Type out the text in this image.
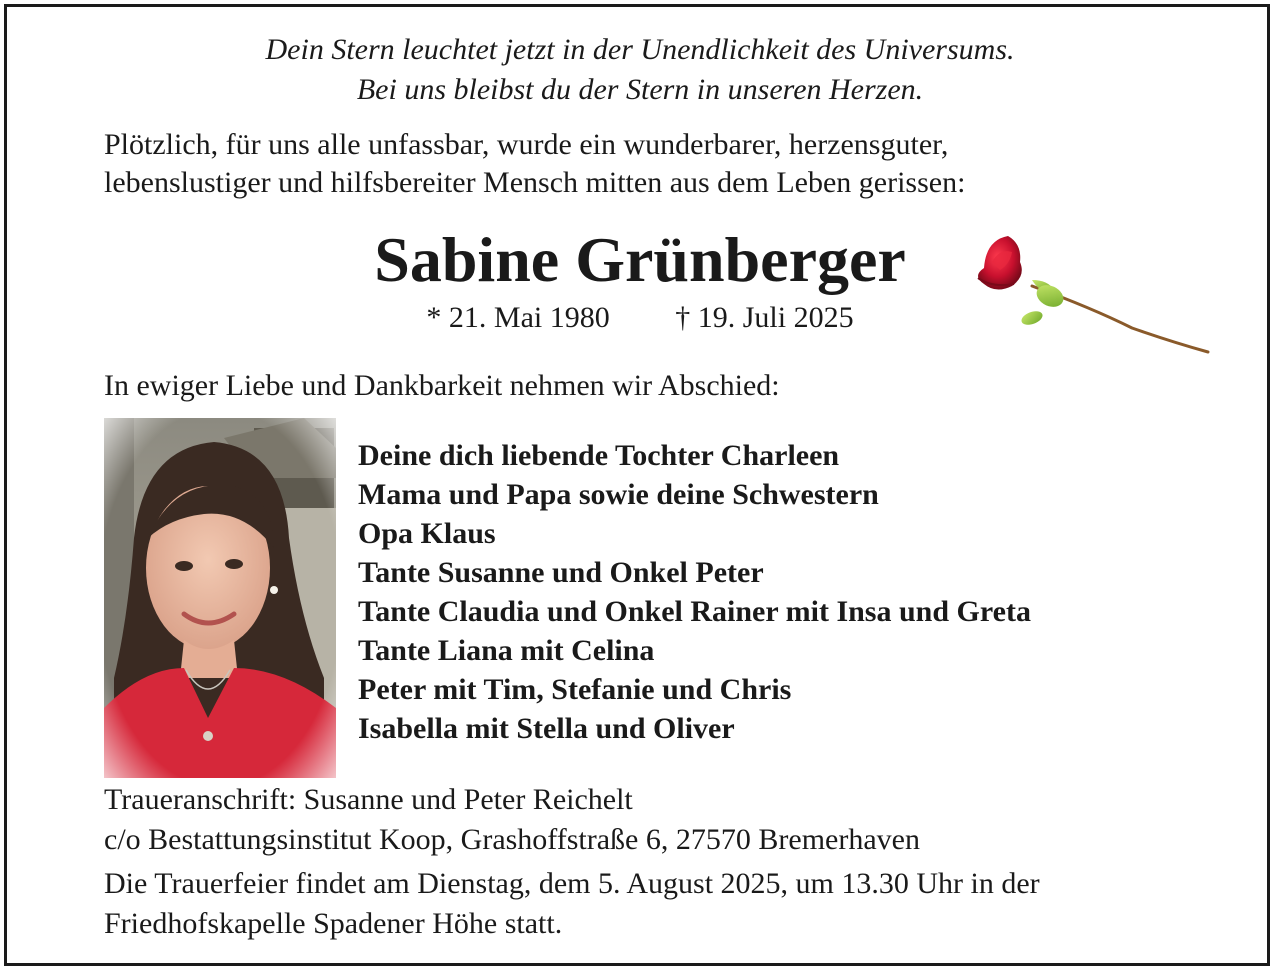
Dein Stern leuchtet jetzt in der Unendlichkeit des Universums.
Bei uns bleibst du der Stern in unseren Herzen.
Plötzlich, für uns alle unfassbar, wurde ein wunderbarer, herzensguter,
lebenslustiger und hilfsbereiter Mensch mitten aus dem Leben gerissen:
Sabine Grünberger
* 21. Mai 1980 † 19. Juli 2025
In ewiger Liebe und Dankbarkeit nehmen wir Abschied:
Deine dich liebende Tochter Charleen
Mama und Papa sowie deine Schwestern
Opa Klaus
Tante Susanne und Onkel Peter
Tante Claudia und Onkel Rainer mit Insa und Greta
Tante Liana mit Celina
Peter mit Tim, Stefanie und Chris
Isabella mit Stella und Oliver
Traueranschrift: Susanne und Peter Reichelt
c/o Bestattungsinstitut Koop, Grashoffstraße 6, 27570 Bremerhaven
Die Trauerfeier findet am Dienstag, dem 5. August 2025, um 13.30 Uhr in der
Friedhofskapelle Spadener Höhe statt.
